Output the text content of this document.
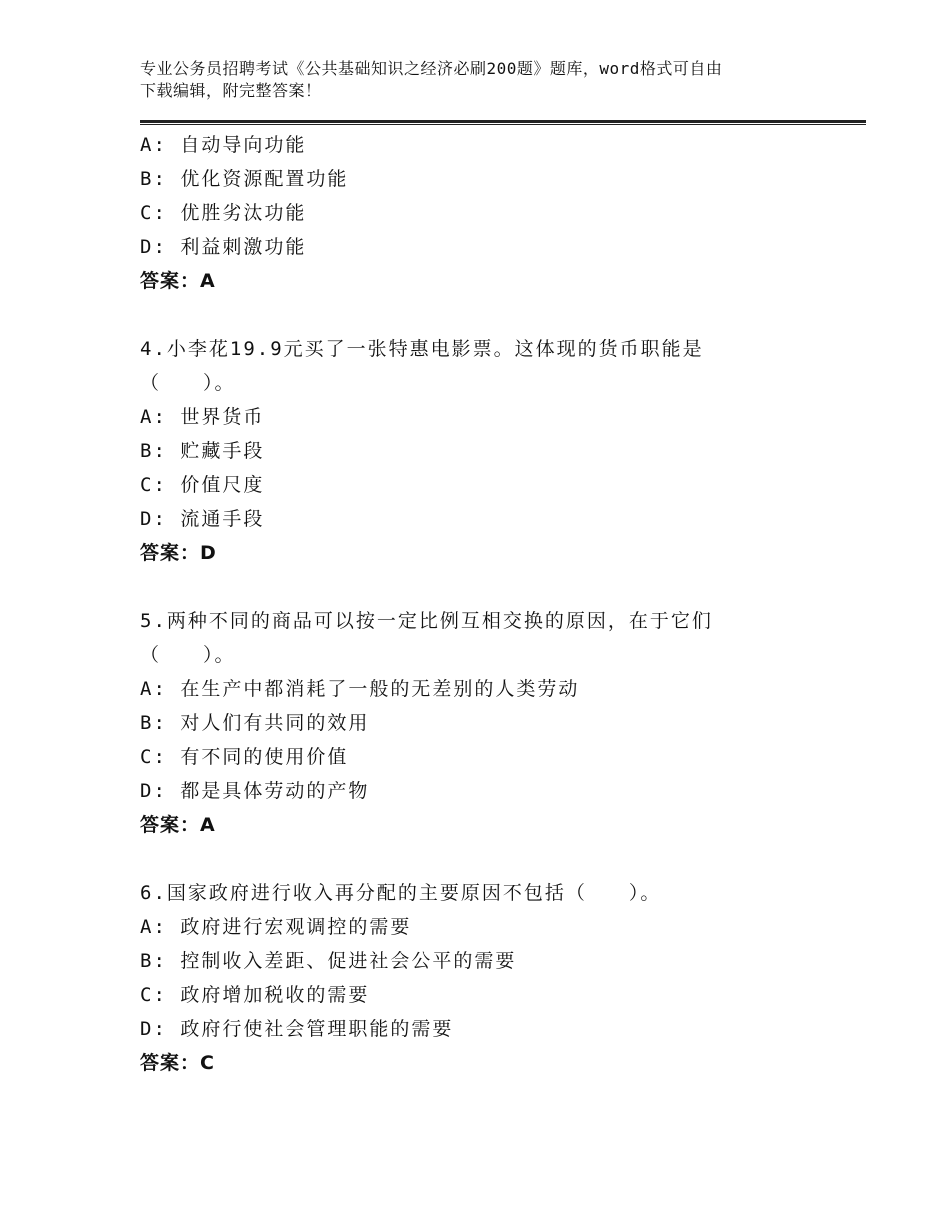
专业公务员招聘考试《公共基础知识之经济必刷200题》题库，word格式可自由
下载编辑，附完整答案！
A: 自动导向功能
B: 优化资源配置功能
C: 优胜劣汰功能
D: 利益刺激功能
答案：A
4.小李花19.9元买了一张特惠电影票。这体现的货币职能是
（　　）。
A: 世界货币
B: 贮藏手段
C: 价值尺度
D: 流通手段
答案：D
5.两种不同的商品可以按一定比例互相交换的原因，在于它们
（　　）。
A: 在生产中都消耗了一般的无差别的人类劳动
B: 对人们有共同的效用
C: 有不同的使用价值
D: 都是具体劳动的产物
答案：A
6.国家政府进行收入再分配的主要原因不包括（　　）。
A: 政府进行宏观调控的需要
B: 控制收入差距、促进社会公平的需要
C: 政府增加税收的需要
D: 政府行使社会管理职能的需要
答案：C
